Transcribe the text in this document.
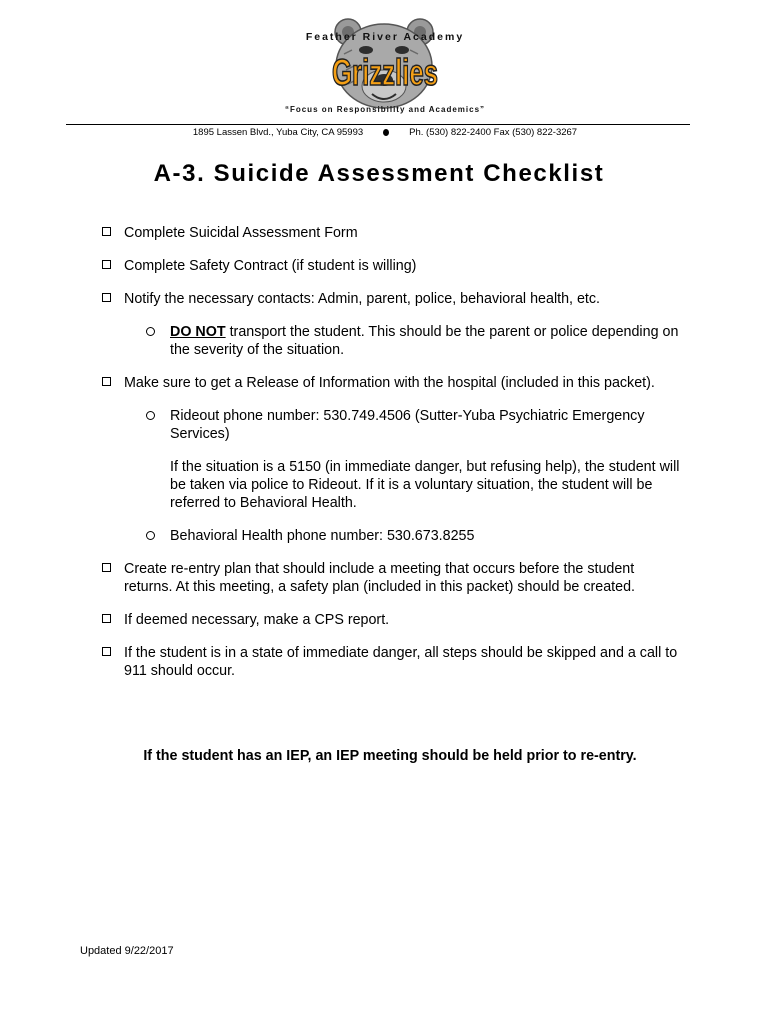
Feather River Academy
Grizzlies
“Focus on Responsibility and Academics”
1895 Lassen Blvd., Yuba City, CA 95993	Ph. (530) 822-2400 Fax (530) 822-3267
A-3. Suicide Assessment Checklist
Complete Suicidal Assessment Form
Complete Safety Contract (if student is willing)
Notify the necessary contacts: Admin, parent, police, behavioral health, etc.
DO NOT transport the student. This should be the parent or police depending on the severity of the situation.
Make sure to get a Release of Information with the hospital (included in this packet).
Rideout phone number: 530.749.4506 (Sutter-Yuba Psychiatric Emergency Services)
If the situation is a 5150 (in immediate danger, but refusing help), the student will be taken via police to Rideout. If it is a voluntary situation, the student will be referred to Behavioral Health.
Behavioral Health phone number: 530.673.8255
Create re-entry plan that should include a meeting that occurs before the student returns. At this meeting, a safety plan (included in this packet) should be created.
If deemed necessary, make a CPS report.
If the student is in a state of immediate danger, all steps should be skipped and a call to 911 should occur.
If the student has an IEP, an IEP meeting should be held prior to re-entry.
Updated 9/22/2017
